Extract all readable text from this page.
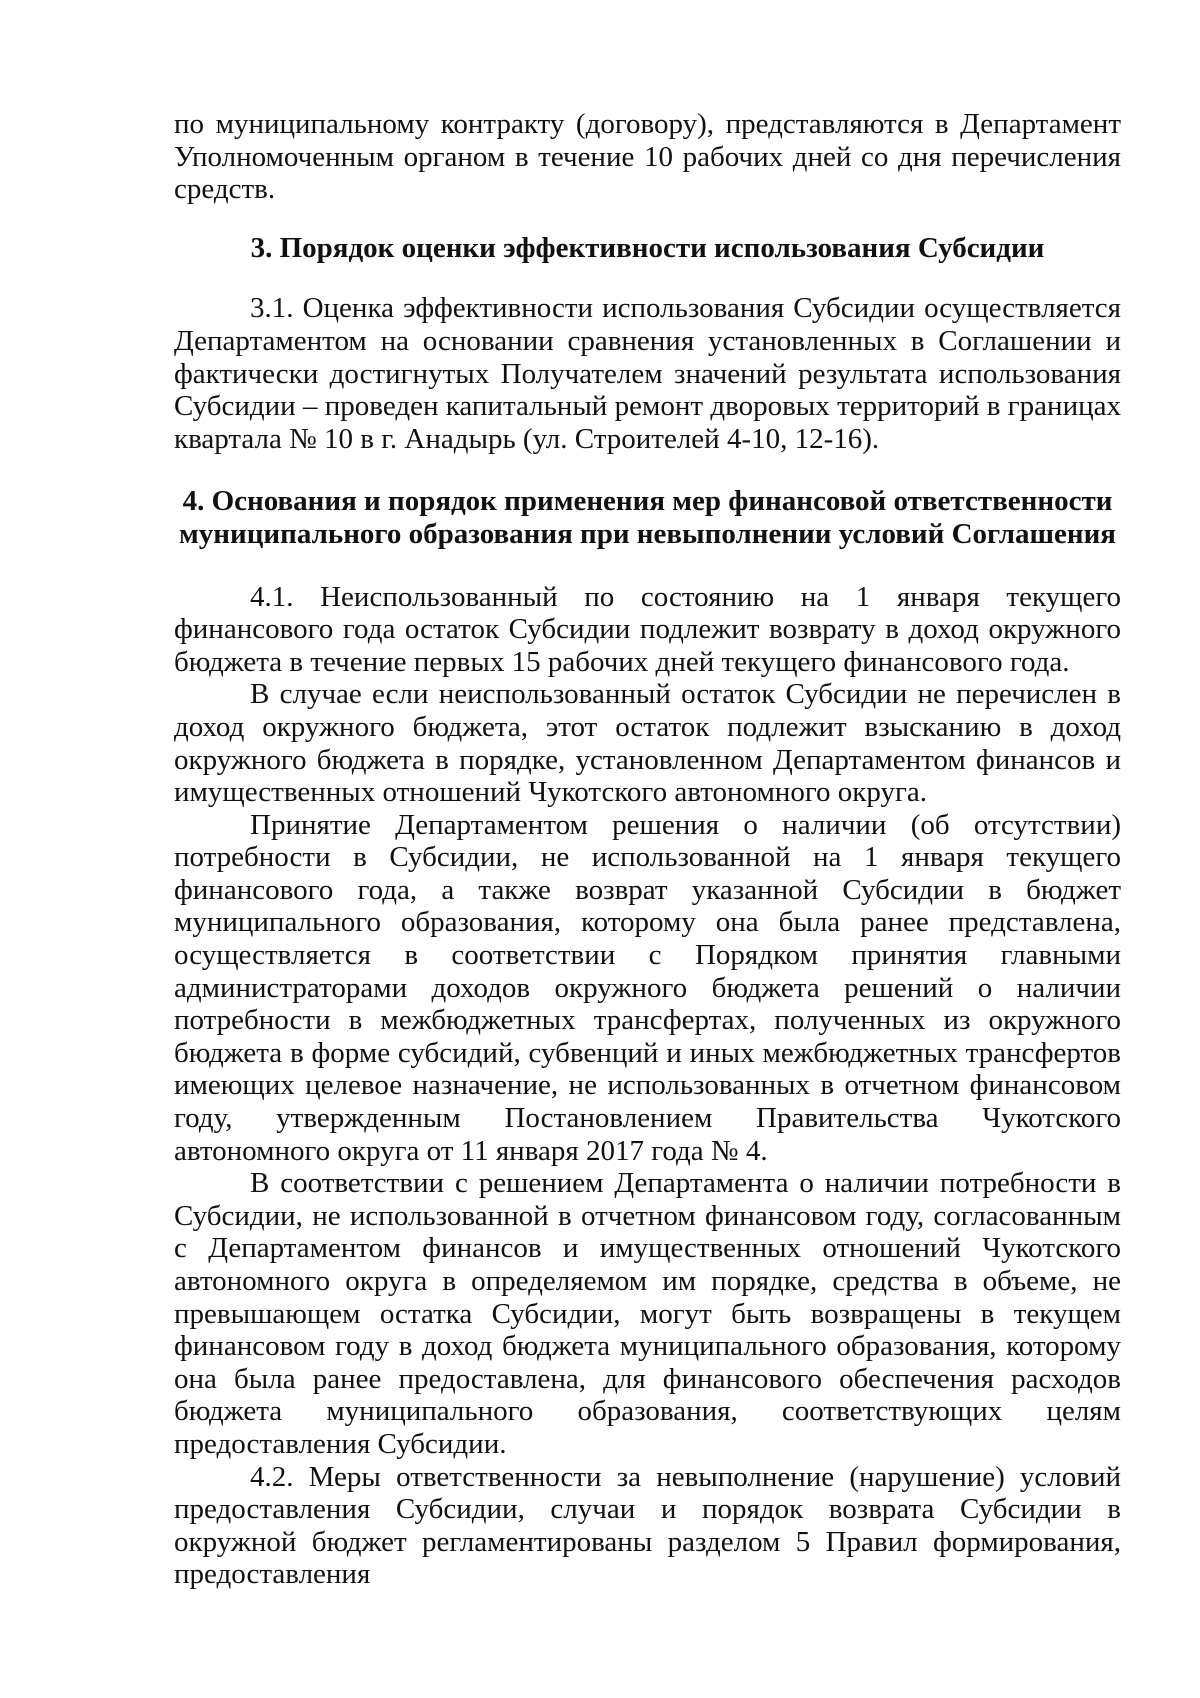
по муниципальному контракту (договору), представляются в Департамент Уполномоченным органом в течение 10 рабочих дней со дня перечисления средств.

3. Порядок оценки эффективности использования Субсидии

3.1. Оценка эффективности использования Субсидии осуществляется Департаментом на основании сравнения установленных в Соглашении и фактически достигнутых Получателем значений результата использования Субсидии – проведен капитальный ремонт дворовых территорий в границах квартала № 10 в г. Анадырь (ул. Строителей 4-10, 12-16).

4. Основания и порядок применения мер финансовой ответственности

муниципального образования при невыполнении условий Соглашения

4.1. Неиспользованный по состоянию на 1 января текущего финансового года остаток Субсидии подлежит возврату в доход окружного бюджета в течение первых 15 рабочих дней текущего финансового года.

В случае если неиспользованный остаток Субсидии не перечислен в доход окружного бюджета, этот остаток подлежит взысканию в доход окружного бюджета в порядке, установленном Департаментом финансов и имущественных отношений Чукотского автономного округа.

Принятие Департаментом решения о наличии (об отсутствии) потребности в Субсидии, не использованной на 1 января текущего финансового года, а также возврат указанной Субсидии в бюджет муниципального образования, которому она была ранее представлена, осуществляется в соответствии с Порядком принятия главными администраторами доходов окружного бюджета решений о наличии потребности в межбюджетных трансфертах, полученных из окружного бюджета в форме субсидий, субвенций и иных межбюджетных трансфертов имеющих целевое назначение, не использованных в отчетном финансовом году, утвержденным Постановлением Правительства Чукотского автономного округа от 11 января 2017 года № 4.

В соответствии с решением Департамента о наличии потребности в Субсидии, не использованной в отчетном финансовом году, согласованным с Департаментом финансов и имущественных отношений Чукотского автономного округа в определяемом им порядке, средства в объеме, не превышающем остатка Субсидии, могут быть возвращены в текущем финансовом году в доход бюджета муниципального образования, которому она была ранее предоставлена, для финансового обеспечения расходов бюджета муниципального образования, соответствующих целям предоставления Субсидии.

4.2. Меры ответственности за невыполнение (нарушение) условий предоставления Субсидии, случаи и порядок возврата Субсидии в окружной бюджет регламентированы разделом 5 Правил формирования, предоставления
